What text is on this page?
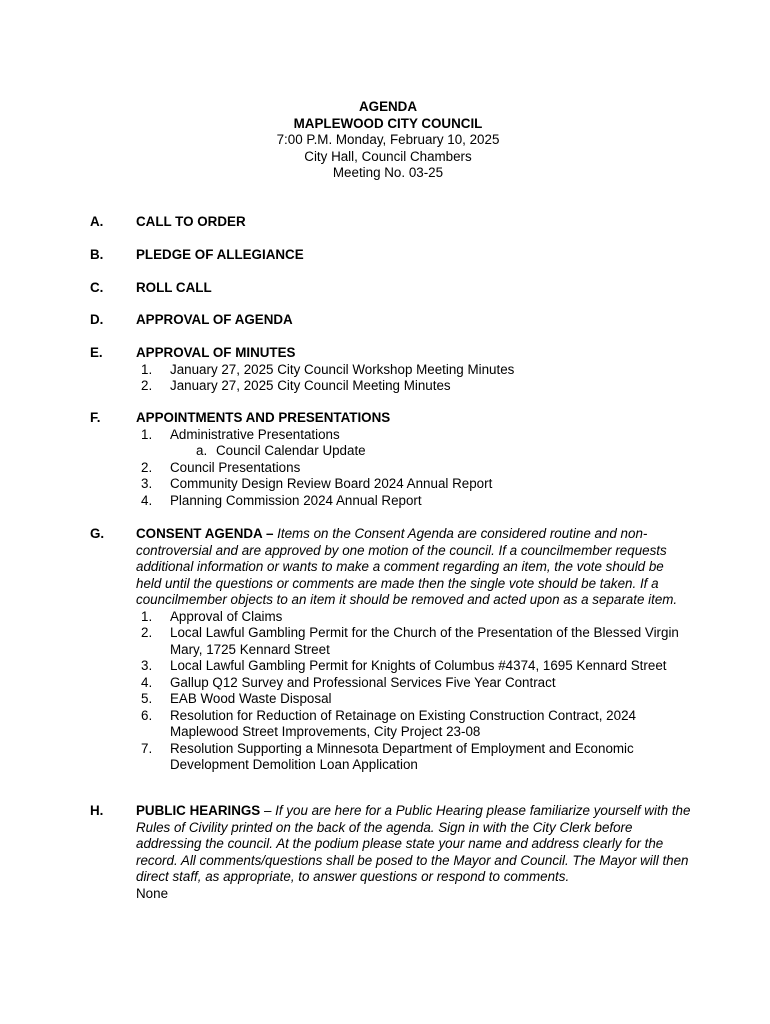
AGENDA
MAPLEWOOD CITY COUNCIL
7:00 P.M. Monday, February 10, 2025
City Hall, Council Chambers
Meeting No. 03-25
A. CALL TO ORDER
B. PLEDGE OF ALLEGIANCE
C. ROLL CALL
D. APPROVAL OF AGENDA
E. APPROVAL OF MINUTES
1. January 27, 2025 City Council Workshop Meeting Minutes
2. January 27, 2025 City Council Meeting Minutes
F.	APPOINTMENTS AND PRESENTATIONS
1. Administrative Presentations
a. Council Calendar Update
2. Council Presentations
3. Community Design Review Board 2024 Annual Report
4. Planning Commission 2024 Annual Report
G. CONSENT AGENDA – Items on the Consent Agenda are considered routine and non-controversial and are approved by one motion of the council. If a councilmember requests additional information or wants to make a comment regarding an item, the vote should be held until the questions or comments are made then the single vote should be taken. If a councilmember objects to an item it should be removed and acted upon as a separate item.
1. Approval of Claims
2. Local Lawful Gambling Permit for the Church of the Presentation of the Blessed Virgin Mary, 1725 Kennard Street
3. Local Lawful Gambling Permit for Knights of Columbus #4374, 1695 Kennard Street
4. Gallup Q12 Survey and Professional Services Five Year Contract
5. EAB Wood Waste Disposal
6. Resolution for Reduction of Retainage on Existing Construction Contract, 2024 Maplewood Street Improvements, City Project 23-08
7. Resolution Supporting a Minnesota Department of Employment and Economic Development Demolition Loan Application
H. PUBLIC HEARINGS – If you are here for a Public Hearing please familiarize yourself with the Rules of Civility printed on the back of the agenda. Sign in with the City Clerk before addressing the council. At the podium please state your name and address clearly for the record. All comments/questions shall be posed to the Mayor and Council. The Mayor will then direct staff, as appropriate, to answer questions or respond to comments.
None
